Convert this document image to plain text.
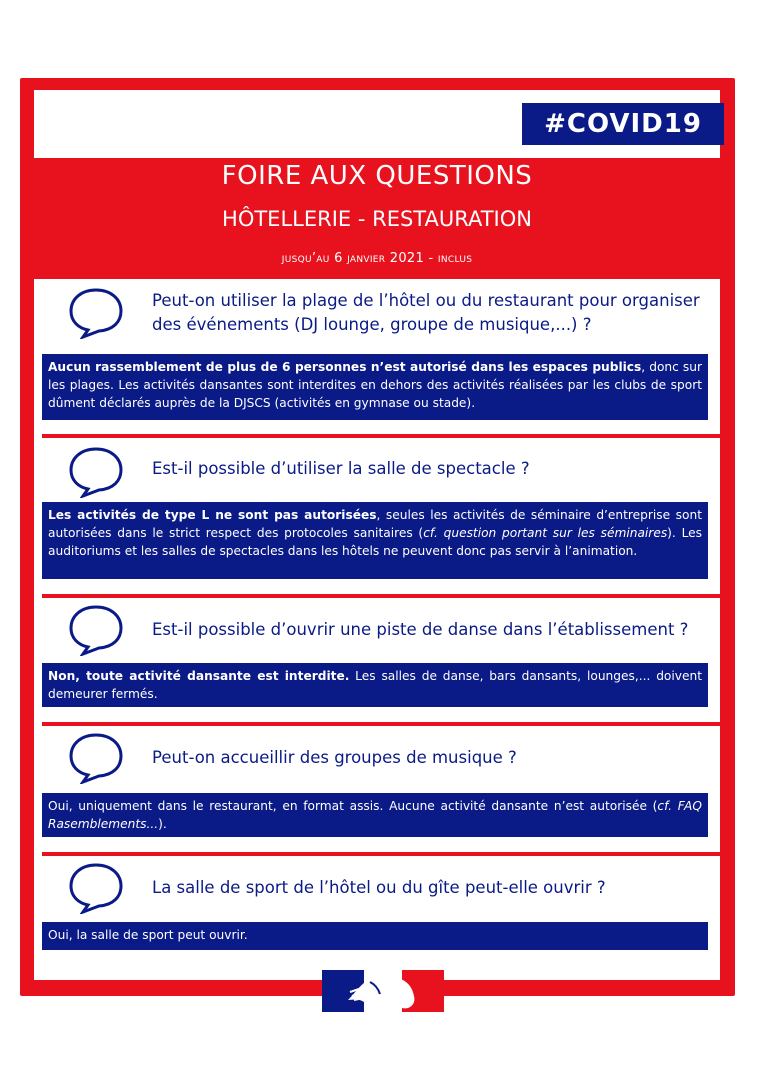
#COVID19
FOIRE AUX QUESTIONS
HÔTELLERIE - RESTAURATION
jusqu’au 6 janvier 2021 - inclus
Peut-on utiliser la plage de l’hôtel ou du restaurant pour organiser des événements (DJ lounge, groupe de musique,...) ?
Aucun rassemblement de plus de 6 personnes n’est autorisé dans les espaces publics, donc sur les plages. Les activités dansantes sont interdites en dehors des activités réalisées par les clubs de sport dûment déclarés auprès de la DJSCS (activités en gymnase ou stade).
Est-il possible d’utiliser la salle de spectacle ?
Les activités de type L ne sont pas autorisées, seules les activités de séminaire d’entreprise sont autorisées dans le strict respect des protocoles sanitaires (cf. question portant sur les séminaires). Les auditoriums et les salles de spectacles dans les hôtels ne peuvent donc pas servir à l’animation.
Est-il possible d’ouvrir une piste de danse dans l’établissement ?
Non, toute activité dansante est interdite. Les salles de danse, bars dansants, lounges,... doivent demeurer fermés.
Peut-on accueillir des groupes de musique ?
Oui, uniquement dans le restaurant, en format assis. Aucune activité dansante n’est autorisée (cf. FAQ Rasemblements...).
La salle de sport de l’hôtel ou du gîte peut-elle ouvrir ?
Oui, la salle de sport peut ouvrir.
